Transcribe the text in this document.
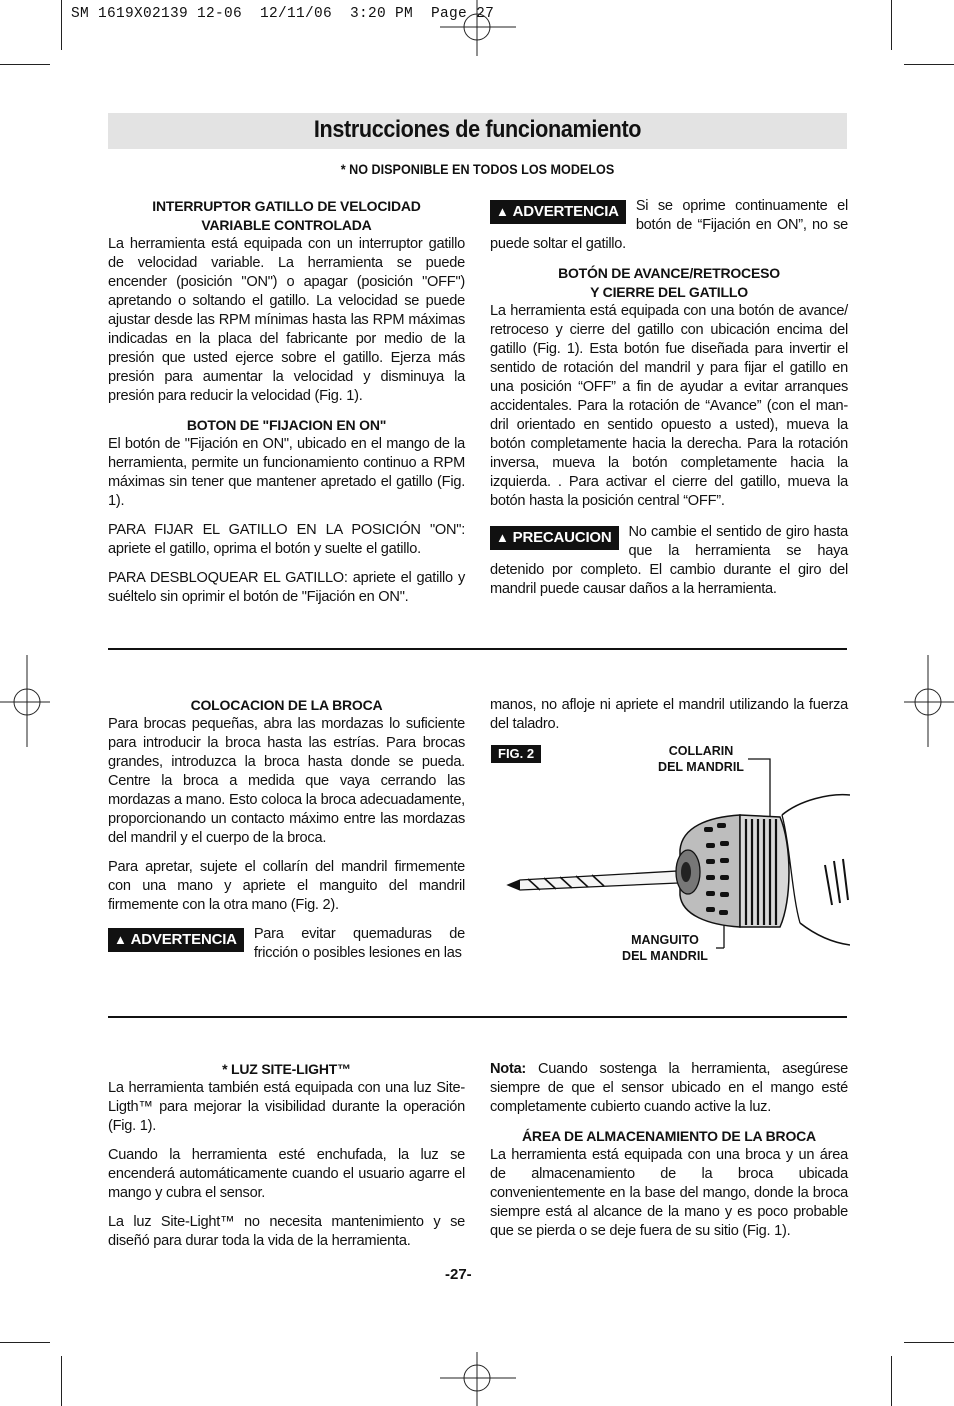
SM 1619X02139 12-06  12/11/06  3:20 PM  Page 27
Instrucciones de funcionamiento
* NO DISPONIBLE EN TODOS LOS MODELOS
INTERRUPTOR GATILLO DE VELOCIDAD
VARIABLE CONTROLADA

La herramienta está equipada con un interruptor gatillo de velocidad variable. La herramienta se puede encender (posición "ON") o apagar (posición "OFF") apretando o soltando el gatillo. La velocidad se puede ajustar desde las RPM mínimas hasta las RPM máximas indicadas en la placa del fabricante por medio de la presión que usted ejerce sobre el gatillo. Ejerza más presión para aumentar la velocidad y disminuya la presión para reducir la velocidad (Fig. 1).

BOTON DE "FIJACION EN ON"

El botón de "Fijación en ON", ubicado en el mango de la herramienta, permite un funcionamiento continuo a RPM máximas sin tener que mantener apretado el gatillo (Fig. 1).

PARA FIJAR EL GATILLO EN LA POSICIÓN "ON": apriete el gatillo, oprima el botón y suelte el gatillo.

PARA DESBLOQUEAR EL GATILLO: apriete el gatillo y suéltelo sin oprimir el botón de "Fijación en ON".

▲ ADVERTENCIA	Si se oprime continuamente el botón de “Fijación en ON”, no se puede soltar el gatillo.

BOTÓN DE AVANCE/RETROCESO
Y CIERRE DEL GATILLO

La herramienta está equipada con una botón de avance/ retroceso y cierre del gatillo con ubicación encima del gatillo (Fig. 1). Esta botón fue diseñada para invertir el sentido de rotación del mandril y para fijar el gatillo en una posición “OFF” a fin de ayudar a evitar arranques accidentales. Para la rotación de “Avance” (con el man- dril orientado en sentido opuesto a usted), mueva la botón completamente hacia la derecha. Para la rotación inversa, mueva la botón completamente hacia la izquierda. . Para activar el cierre del gatillo, mueva la botón hasta la posición central “OFF”.

▲ PRECAUCION	No cambie el sentido de giro hasta que la herramienta se haya detenido por completo. El cambio durante el giro del mandril puede causar daños a la herramienta.

COLOCACION DE LA BROCA

Para brocas pequeñas, abra las mordazas lo suficiente para introducir la broca hasta las estrías. Para brocas grandes, introduzca la broca hasta donde se pueda. Centre la broca a medida que vaya cerrando las mordazas a mano. Esto coloca la broca adecuadamente, proporcionando un contacto máximo entre las mordazas del mandril y el cuerpo de la broca.

Para apretar, sujete el collarín del mandril firmemente con una mano y apriete el manguito del mandril firmemente con la otra mano (Fig. 2).

▲ ADVERTENCIA	Para evitar quemaduras de fricción o posibles lesiones en las

manos, no afloje ni apriete el mandril utilizando la fuerza del taladro.

FIG. 2	COLLARIN
DEL MANDRIL
MANGUITO
DEL MANDRIL
* LUZ SITE-LIGHT™

La herramienta también está equipada con una luz Site-Ligth™ para mejorar la visibilidad durante la operación (Fig. 1).

Cuando la herramienta esté enchufada, la luz se encenderá automáticamente cuando el usuario agarre el mango y cubra el sensor.

La luz Site-Light™ no necesita mantenimiento y se diseñó para durar toda la vida de la herramienta.

Nota: Cuando sostenga la herramienta, asegúrese siempre de que el sensor ubicado en el mango esté completamente cubierto cuando active la luz.

ÁREA DE ALMACENAMIENTO DE LA BROCA

La herramienta está equipada con una broca y un área de almacenamiento de la broca ubicada convenientemente en la base del mango, donde la broca siempre está al alcance de la mano y es poco probable que se pierda o se deje fuera de su sitio (Fig. 1).

-27-
